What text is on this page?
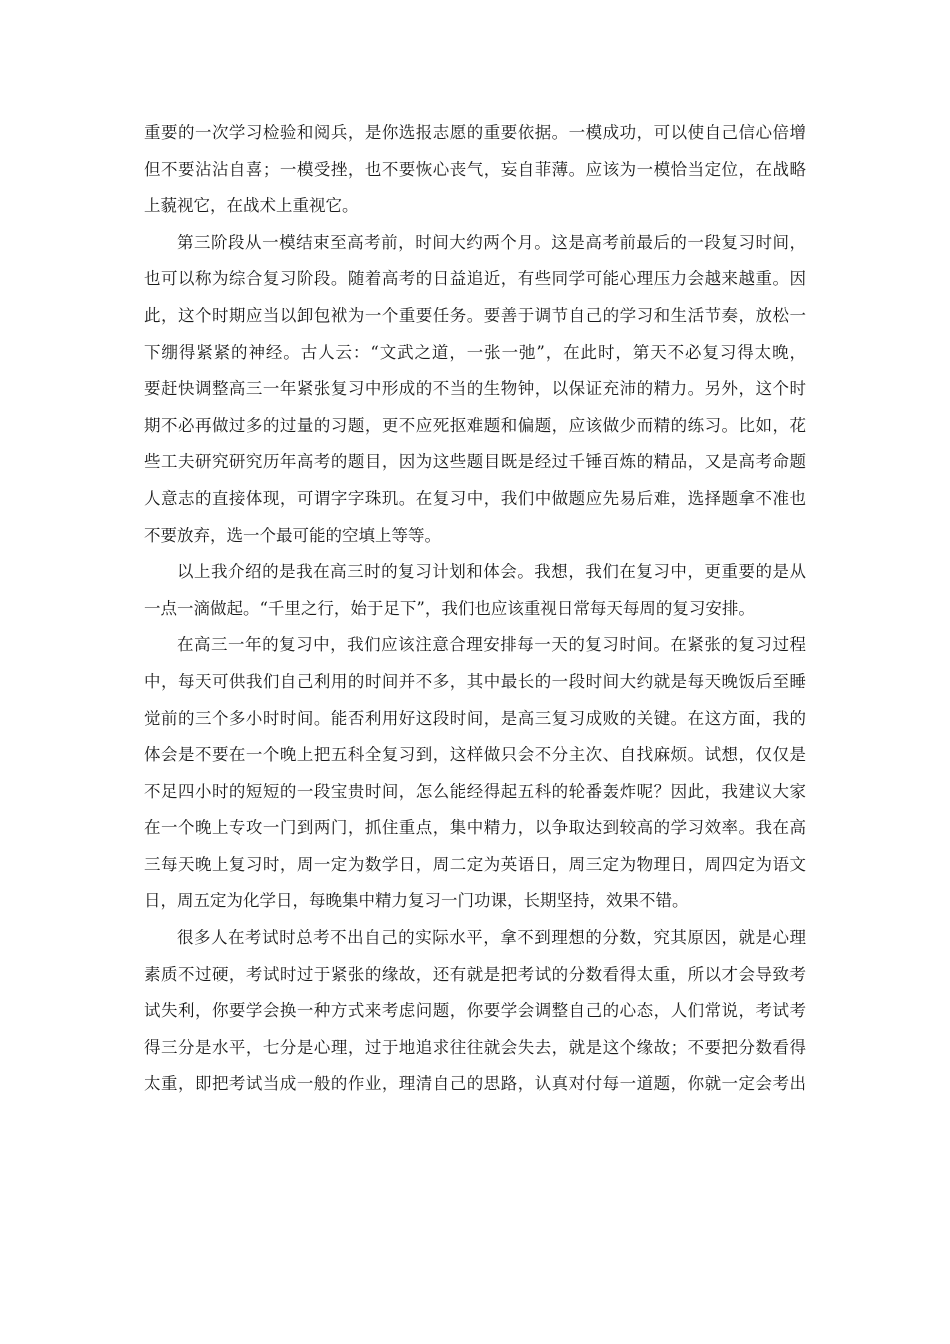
重要的一次学习检验和阅兵，是你选报志愿的重要依据。一模成功，可以使自己信心倍增
但不要沾沾自喜；一模受挫，也不要恢心丧气，妄自菲薄。应该为一模恰当定位，在战略
上藐视它，在战术上重视它。
第三阶段从一模结束至高考前，时间大约两个月。这是高考前最后的一段复习时间，
也可以称为综合复习阶段。随着高考的日益追近，有些同学可能心理压力会越来越重。因
此，这个时期应当以卸包袱为一个重要任务。要善于调节自己的学习和生活节奏，放松一
下绷得紧紧的神经。古人云：“文武之道，一张一弛”，在此时，第天不必复习得太晚，
要赶快调整高三一年紧张复习中形成的不当的生物钟，以保证充沛的精力。另外，这个时
期不必再做过多的过量的习题，更不应死抠难题和偏题，应该做少而精的练习。比如，花
些工夫研究研究历年高考的题目，因为这些题目既是经过千锤百炼的精品，又是高考命题
人意志的直接体现，可谓字字珠玑。在复习中，我们中做题应先易后难，选择题拿不准也
不要放弃，选一个最可能的空填上等等。
以上我介绍的是我在高三时的复习计划和体会。我想，我们在复习中，更重要的是从
一点一滴做起。“千里之行，始于足下”，我们也应该重视日常每天每周的复习安排。
在高三一年的复习中，我们应该注意合理安排每一天的复习时间。在紧张的复习过程
中，每天可供我们自己利用的时间并不多，其中最长的一段时间大约就是每天晚饭后至睡
觉前的三个多小时时间。能否利用好这段时间，是高三复习成败的关键。在这方面，我的
体会是不要在一个晚上把五科全复习到，这样做只会不分主次、自找麻烦。试想，仅仅是
不足四小时的短短的一段宝贵时间，怎么能经得起五科的轮番轰炸呢？因此，我建议大家
在一个晚上专攻一门到两门，抓住重点，集中精力，以争取达到较高的学习效率。我在高
三每天晚上复习时，周一定为数学日，周二定为英语日，周三定为物理日，周四定为语文
日，周五定为化学日，每晚集中精力复习一门功课，长期坚持，效果不错。
很多人在考试时总考不出自己的实际水平，拿不到理想的分数，究其原因，就是心理
素质不过硬，考试时过于紧张的缘故，还有就是把考试的分数看得太重，所以才会导致考
试失利，你要学会换一种方式来考虑问题，你要学会调整自己的心态，人们常说，考试考
得三分是水平，七分是心理，过于地追求往往就会失去，就是这个缘故；不要把分数看得
太重，即把考试当成一般的作业，理清自己的思路，认真对付每一道题，你就一定会考出
